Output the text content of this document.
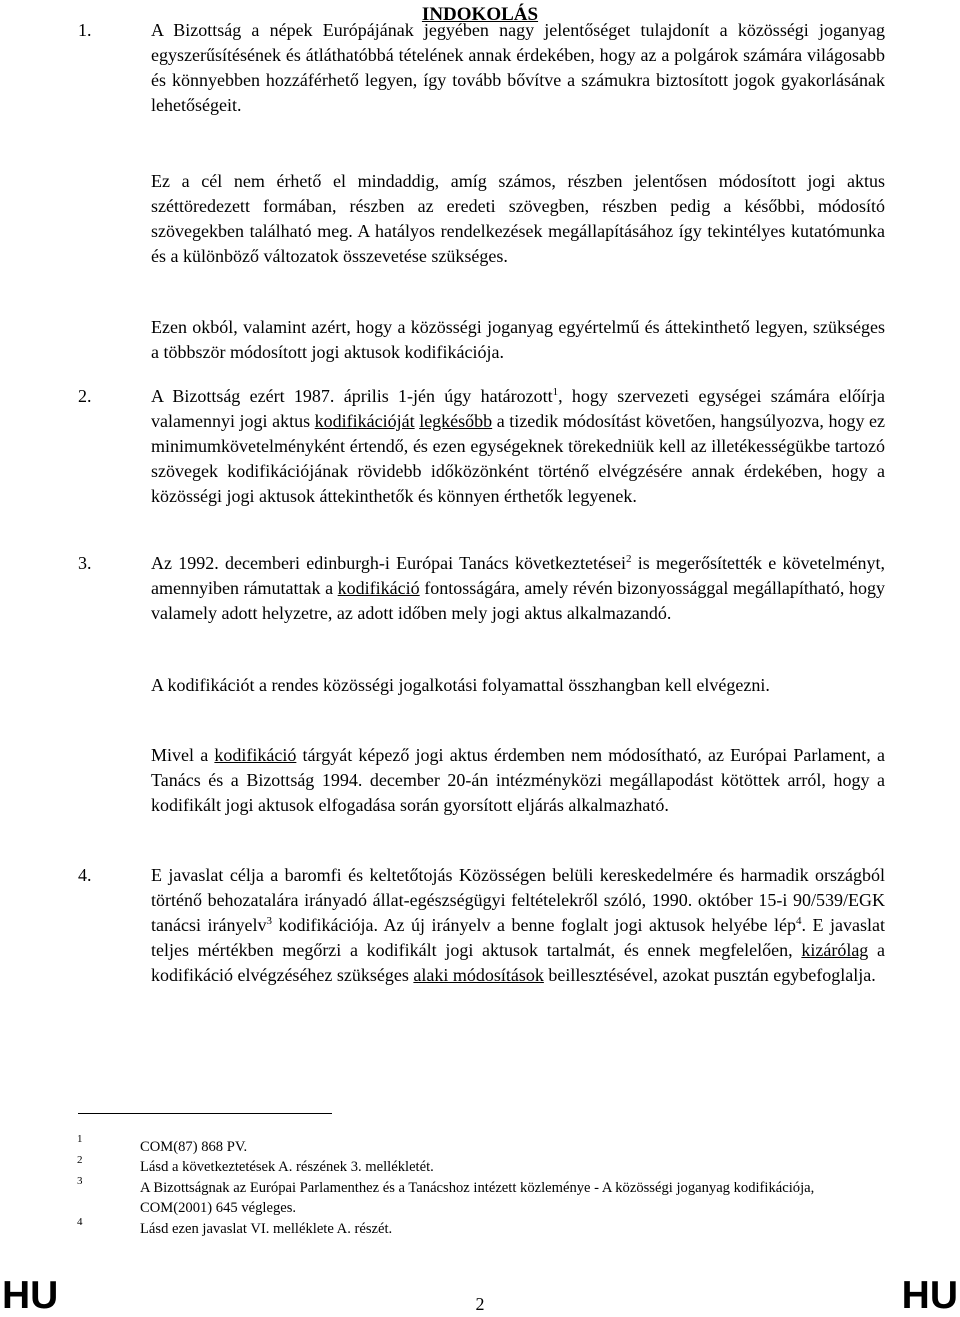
INDOKOLÁS
1.	A Bizottság a népek Európájának jegyében nagy jelentőséget tulajdonít a közösségi joganyag egyszerűsítésének és átláthatóbbá tételének annak érdekében, hogy az a polgárok számára világosabb és könnyebben hozzáférhető legyen, így tovább bővítve a számukra biztosított jogok gyakorlásának lehetőségeit.
Ez a cél nem érhető el mindaddig, amíg számos, részben jelentősen módosított jogi aktus széttöredezett formában, részben az eredeti szövegben, részben pedig a későbbi, módosító szövegekben található meg. A hatályos rendelkezések megállapításához így tekintélyes kutatómunka és a különböző változatok összevetése szükséges.
Ezen okból, valamint azért, hogy a közösségi joganyag egyértelmű és áttekinthető legyen, szükséges a többször módosított jogi aktusok kodifikációja.
2.	A Bizottság ezért 1987. április 1-jén úgy határozott$^1$, hogy szervezeti egységei számára előírja valamennyi jogi aktus kodifikációját legkésőbb a tizedik módosítást követően, hangsúlyozva, hogy ez minimumkövetelményként értendő, és ezen egységeknek törekedniük kell az illetékességükbe tartozó szövegek kodifikációjának rövidebb időközönként történő elvégzésére annak érdekében, hogy a közösségi jogi aktusok áttekinthetők és könnyen érthetők legyenek.
3.	Az 1992. decemberi edinburgh-i Európai Tanács következtetései$^2$ is megerősítették e követelményt, amennyiben rámutattak a kodifikáció fontosságára, amely révén bizonyossággal megállapítható, hogy valamely adott helyzetre, az adott időben mely jogi aktus alkalmazandó.
A kodifikációt a rendes közösségi jogalkotási folyamattal összhangban kell elvégezni.
Mivel a kodifikáció tárgyát képező jogi aktus érdemben nem módosítható, az Európai Parlament, a Tanács és a Bizottság 1994. december 20-án intézményközi megállapodást kötöttek arról, hogy a kodifikált jogi aktusok elfogadása során gyorsított eljárás alkalmazható.
4.	E javaslat célja a baromfi és keltetőtojás Közösségen belüli kereskedelmére és harmadik országból történő behozatalára irányadó állat-egészségügyi feltételekről szóló, 1990. október 15-i 90/539/EGK tanácsi irányelv$^3$ kodifikációja. Az új irányelv a benne foglalt jogi aktusok helyébe lép$^4$. E javaslat teljes mértékben megőrzi a kodifikált jogi aktusok tartalmát, és ennek megfelelően, kizárólag a kodifikáció elvégzéséhez szükséges alaki módosítások beillesztésével, azokat pusztán egybefoglalja.
1	COM(87) 868 PV.
2	Lásd a következtetések A. részének 3. mellékletét.
3	A Bizottságnak az Európai Parlamenthez és a Tanácshoz intézett közleménye - A közösségi joganyag kodifikációja, COM(2001) 645 végleges.
4	Lásd ezen javaslat VI. melléklete A. részét.
HU	2	HU
